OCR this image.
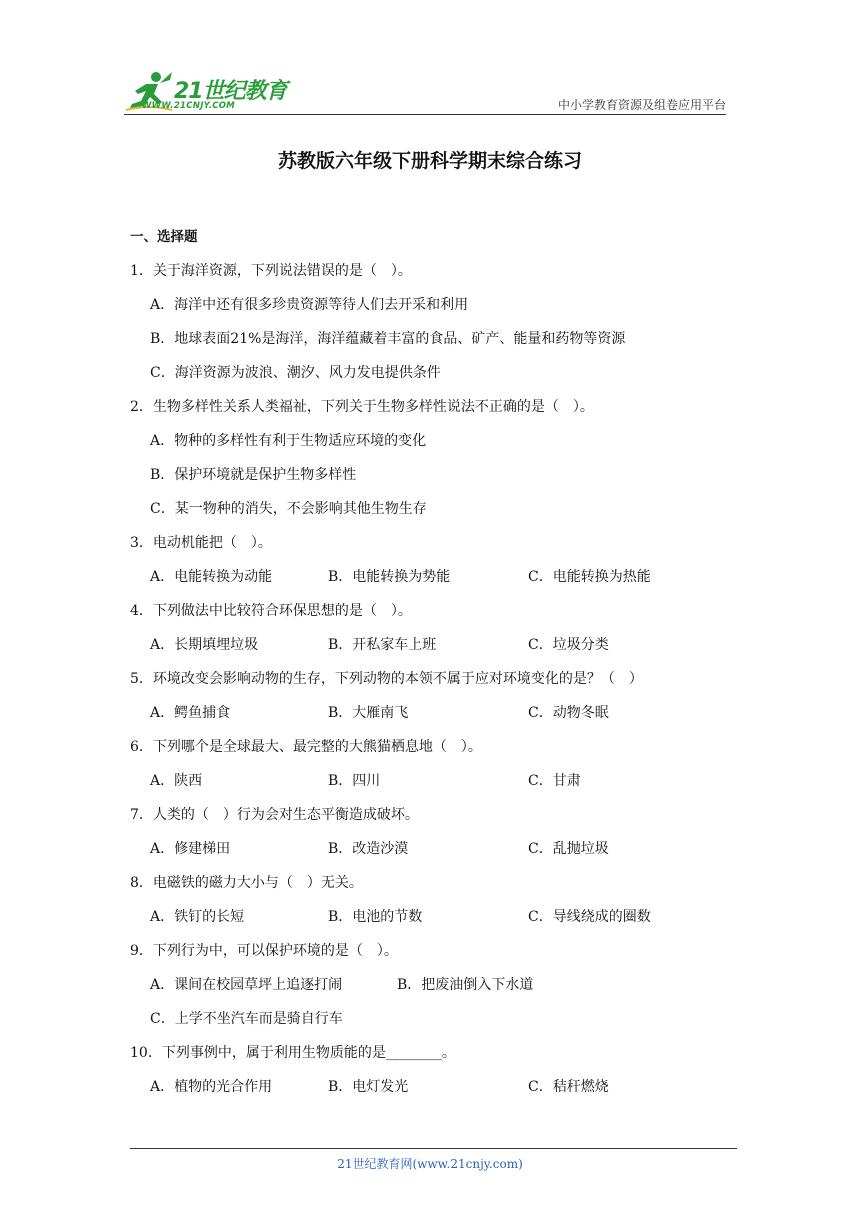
21世纪教育
WWW.21CNJY.COM	中小学教育资源及组卷应用平台
苏教版六年级下册科学期末综合练习
一、选择题
1．关于海洋资源，下列说法错误的是（　）。
A．海洋中还有很多珍贵资源等待人们去开采和利用
B．地球表面21%是海洋，海洋蕴藏着丰富的食品、矿产、能量和药物等资源
C．海洋资源为波浪、潮汐、风力发电提供条件
2．生物多样性关系人类福祉，下列关于生物多样性说法不正确的是（　）。
A．物种的多样性有利于生物适应环境的变化
B．保护环境就是保护生物多样性
C．某一物种的消失，不会影响其他生物生存
3．电动机能把（　）。
A．电能转换为动能	B．电能转换为势能	C．电能转换为热能
4．下列做法中比较符合环保思想的是（　）。
A．长期填埋垃圾	B．开私家车上班	C．垃圾分类
5．环境改变会影响动物的生存，下列动物的本领不属于应对环境变化的是？（　）
A．鳄鱼捕食	B．大雁南飞	C．动物冬眠
6．下列哪个是全球最大、最完整的大熊猫栖息地（　）。
A．陕西	B．四川	C．甘肃
7．人类的（　）行为会对生态平衡造成破坏。
A．修建梯田	B．改造沙漠	C．乱抛垃圾
8．电磁铁的磁力大小与（　）无关。
A．铁钉的长短	B．电池的节数	C．导线绕成的圈数
9．下列行为中，可以保护环境的是（　）。
A．课间在校园草坪上追逐打闹	B．把废油倒入下水道
C．上学不坐汽车而是骑自行车
10．下列事例中，属于利用生物质能的是________。
A．植物的光合作用	B．电灯发光	C．秸秆燃烧
21世纪教育网(www.21cnjy.com)
